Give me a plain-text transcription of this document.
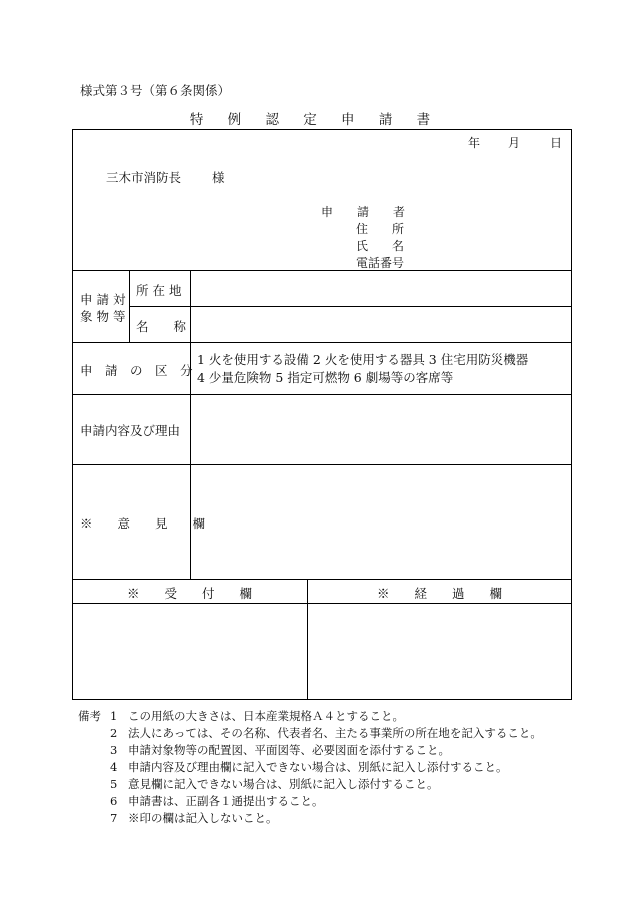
様式第３号（第６条関係）
特 例 認 定 申 請 書
年 月 日
三木市消防長 様
申　　請　　者
住　　所
氏　　名
電話番号
申 請 対
象 物 等
所 在 地
名　　称
申　請　の　区　分
1 火を使用する設備 2 火を使用する器具 3 住宅用防災機器
4 少量危険物 5 指定可燃物 6 劇場等の客席等
申請内容及び理由
※　　意　　見　　欄
※　　受　　付　　欄	※　　経　　過　　欄
備考 1 この用紙の大きさは、日本産業規格Ａ４とすること。
2 法人にあっては、その名称、代表者名、主たる事業所の所在地を記入すること。
3 申請対象物等の配置図、平面図等、必要図面を添付すること。
4 申請内容及び理由欄に記入できない場合は、別紙に記入し添付すること。
5 意見欄に記入できない場合は、別紙に記入し添付すること。
6 申請書は、正副各１通提出すること。
7 ※印の欄は記入しないこと。
